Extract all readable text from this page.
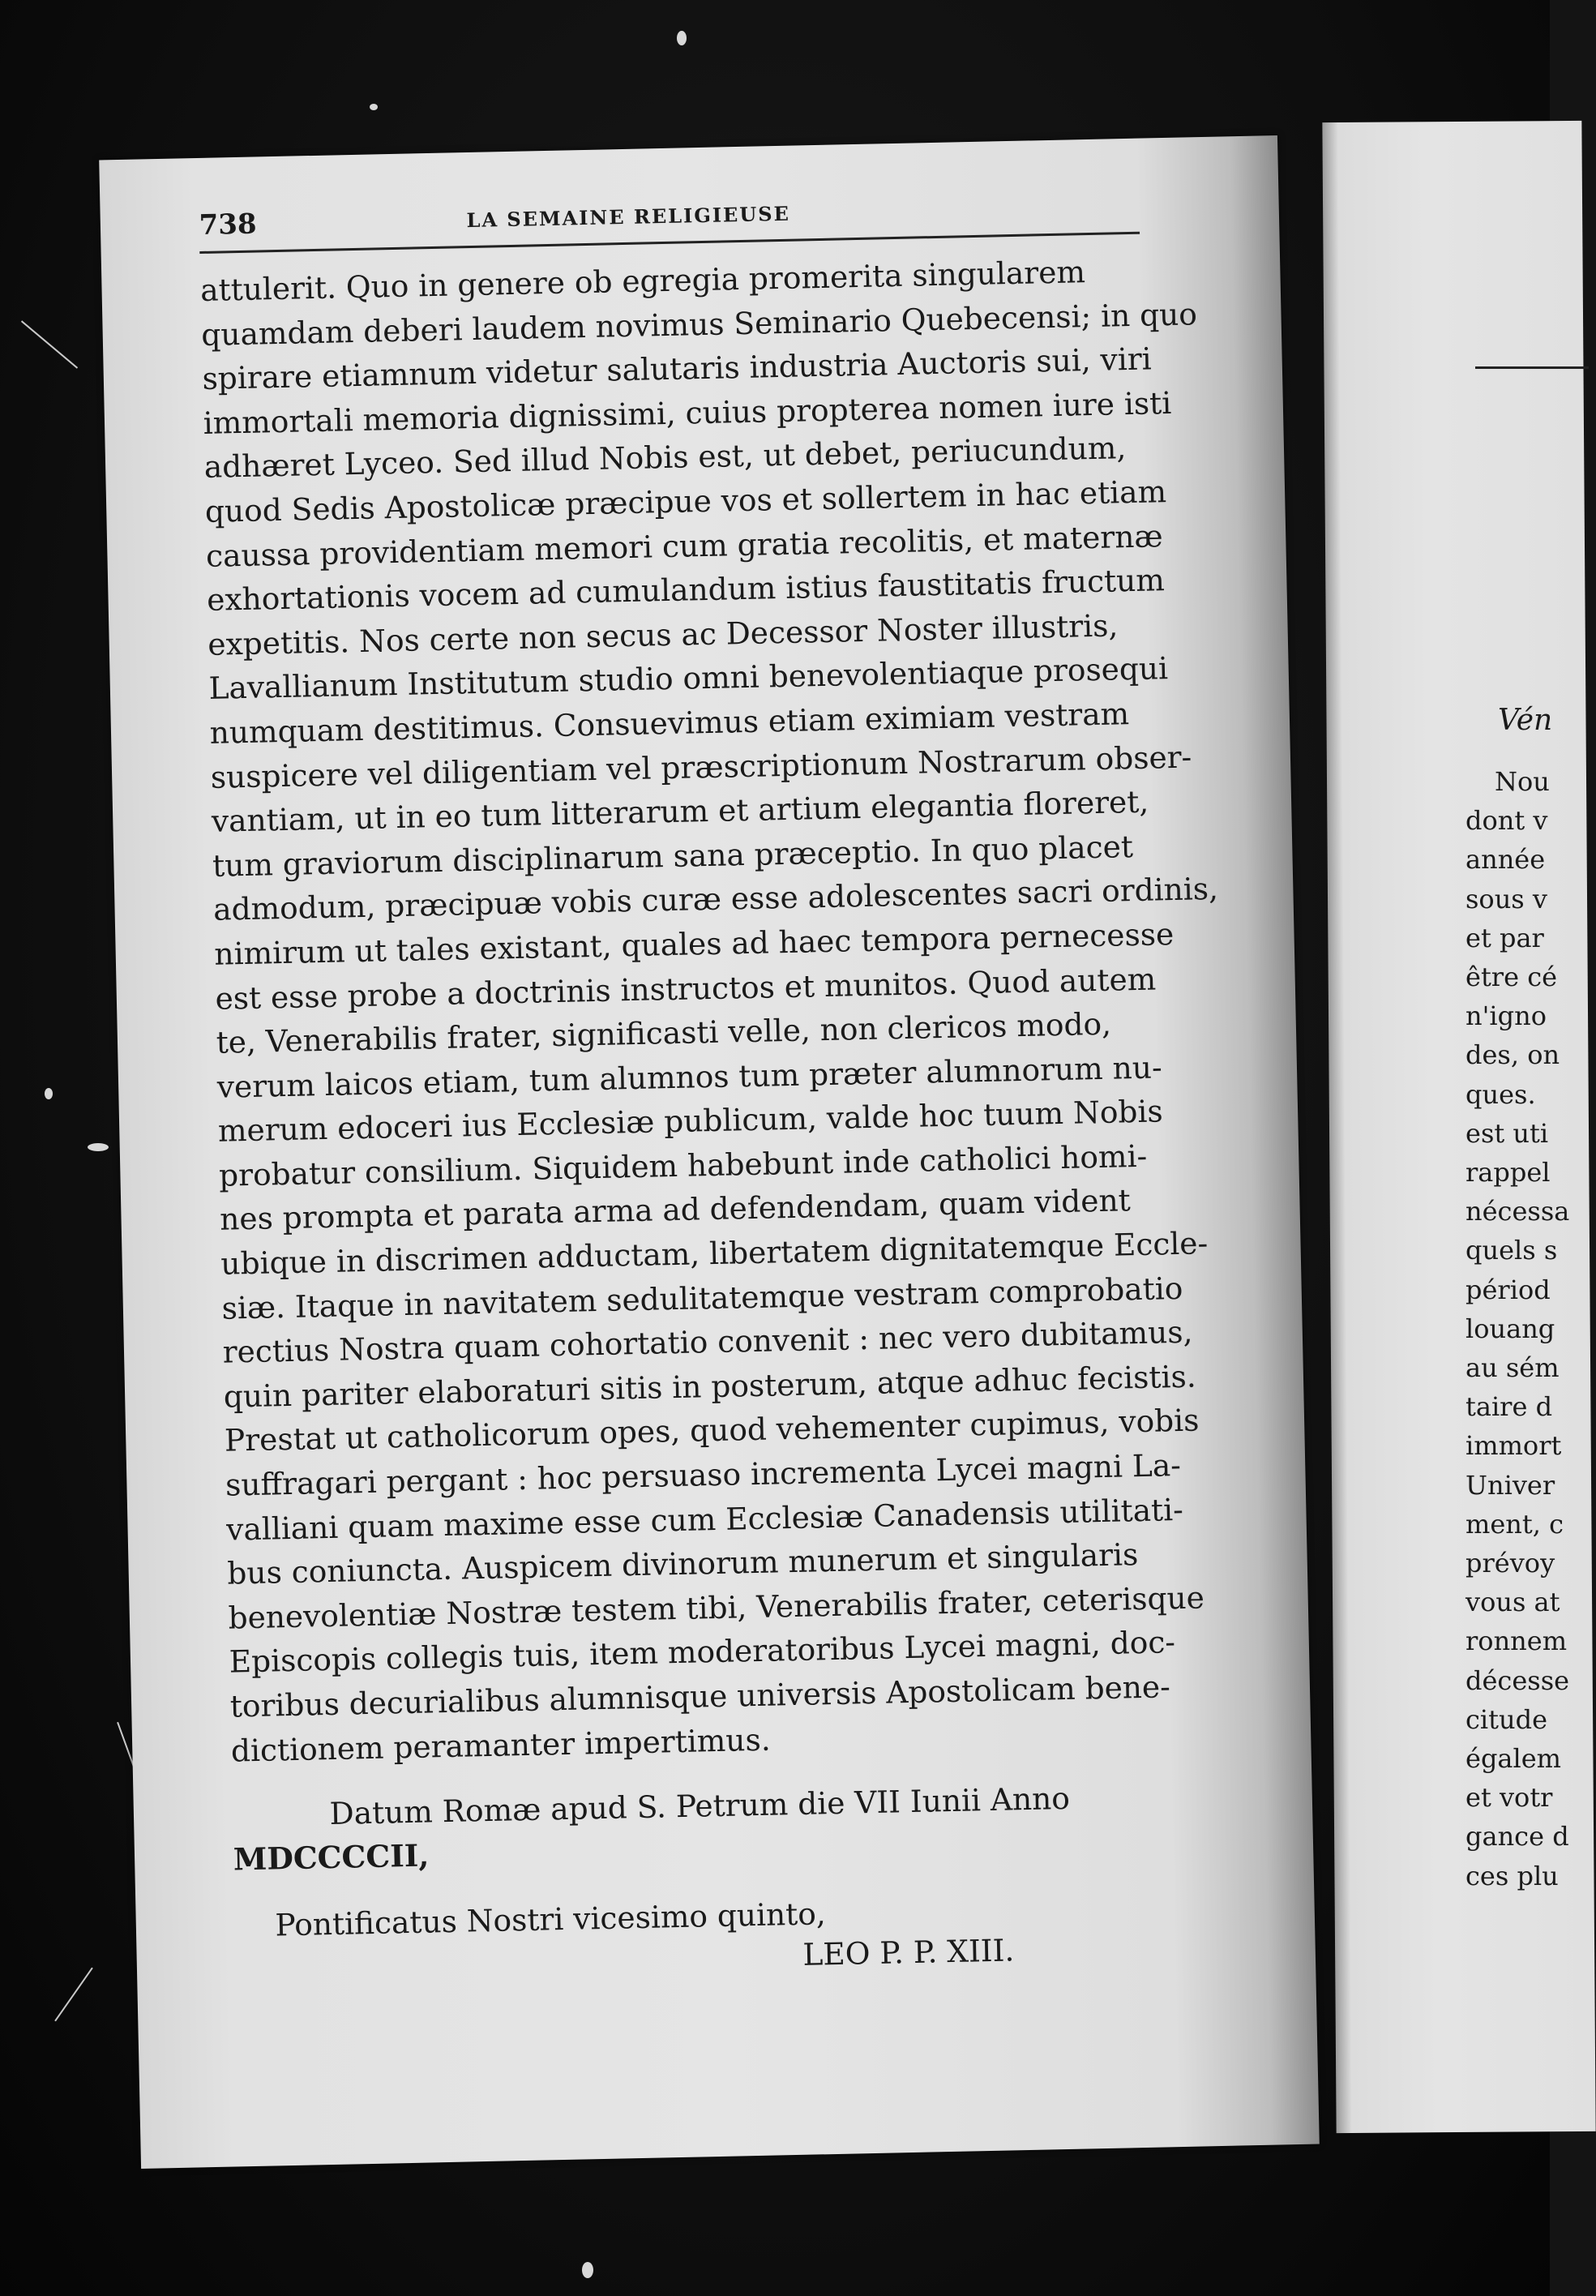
Vén
Nou
dont v
année
sous v
et par
être cé
n'igno
des, on
ques.
est uti
rappel
nécessa
quels s
périod
louang
au sém
taire d
immort
Univer
ment, c
prévoy
vous at
ronnem
décesse
citude
égalem
et votr
gance d
ces plu
738	LA SEMAINE RELIGIEUSE
attulerit. Quo in genere ob egregia promerita singularem
quamdam deberi laudem novimus Seminario Quebecensi; in quo
spirare etiamnum videtur salutaris industria Auctoris sui, viri
immortali memoria dignissimi, cuius propterea nomen iure isti
adhæret Lyceo. Sed illud Nobis est, ut debet, periucundum,
quod Sedis Apostolicæ præcipue vos et sollertem in hac etiam
caussa providentiam memori cum gratia recolitis, et maternæ
exhortationis vocem ad cumulandum istius faustitatis fructum
expetitis. Nos certe non secus ac Decessor Noster illustris,
Lavallianum Institutum studio omni benevolentiaque prosequi
numquam destitimus. Consuevimus etiam eximiam vestram
suspicere vel diligentiam vel præscriptionum Nostrarum obser-
vantiam, ut in eo tum litterarum et artium elegantia floreret,
tum graviorum disciplinarum sana præceptio. In quo placet
admodum, præcipuæ vobis curæ esse adolescentes sacri ordinis,
nimirum ut tales existant, quales ad haec tempora pernecesse
est esse probe a doctrinis instructos et munitos. Quod autem
te, Venerabilis frater, significasti velle, non clericos modo,
verum laicos etiam, tum alumnos tum præter alumnorum nu-
merum edoceri ius Ecclesiæ publicum, valde hoc tuum Nobis
probatur consilium. Siquidem habebunt inde catholici homi-
nes prompta et parata arma ad defendendam, quam vident
ubique in discrimen adductam, libertatem dignitatemque Eccle-
siæ. Itaque in navitatem sedulitatemque vestram comprobatio
rectius Nostra quam cohortatio convenit : nec vero dubitamus,
quin pariter elaboraturi sitis in posterum, atque adhuc fecistis.
Prestat ut catholicorum opes, quod vehementer cupimus, vobis
suffragari pergant : hoc persuaso incrementa Lycei magni La-
valliani quam maxime esse cum Ecclesiæ Canadensis utilitati-
bus coniuncta. Auspicem divinorum munerum et singularis
benevolentiæ Nostræ testem tibi, Venerabilis frater, ceterisque
Episcopis collegis tuis, item moderatoribus Lycei magni, doc-
toribus decurialibus alumnisque universis Apostolicam bene-
dictionem peramanter impertimus.
Datum Romæ apud S. Petrum die VII Iunii Anno
MDCCCCII,
Pontificatus Nostri vicesimo quinto,
LEO P. P. XIII.
